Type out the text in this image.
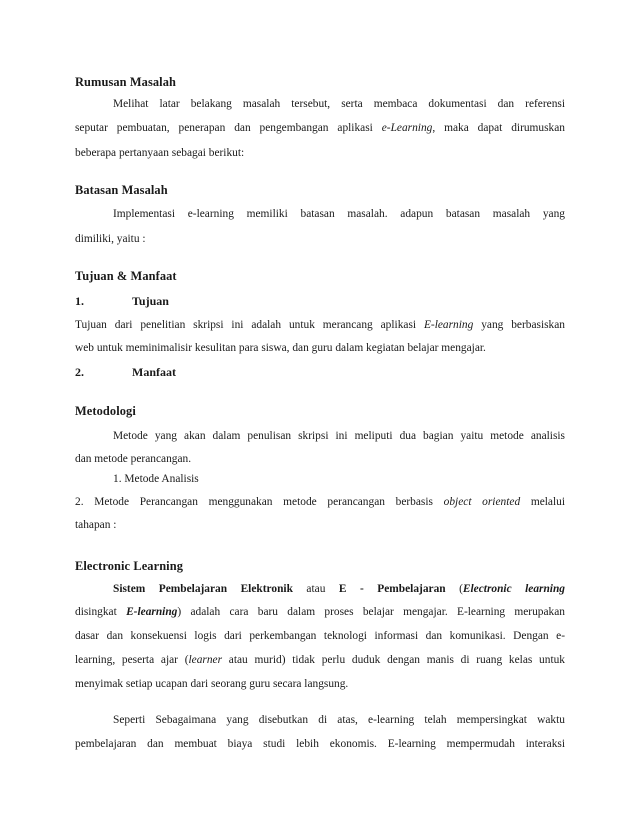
Rumusan Masalah
Melihat latar belakang masalah tersebut, serta membaca dokumentasi dan referensi
seputar pembuatan, penerapan dan pengembangan aplikasi e-Learning, maka dapat dirumuskan
beberapa pertanyaan sebagai berikut:
Batasan Masalah
Implementasi e-learning memiliki batasan masalah. adapun batasan masalah yang
dimiliki, yaitu :
Tujuan & Manfaat
1.	Tujuan
Tujuan dari penelitian skripsi ini adalah untuk merancang aplikasi E-learning yang berbasiskan
web untuk meminimalisir kesulitan para siswa, dan guru dalam kegiatan belajar mengajar.
2.	Manfaat
Metodologi
Metode yang akan dalam penulisan skripsi ini meliputi dua bagian yaitu metode analisis
dan metode perancangan.
1. Metode Analisis
2. Metode Perancangan menggunakan metode perancangan berbasis object oriented melalui
tahapan :
Electronic Learning
Sistem Pembelajaran Elektronik atau E - Pembelajaran (Electronic learning
disingkat E-learning) adalah cara baru dalam proses belajar mengajar. E-learning merupakan
dasar dan konsekuensi logis dari perkembangan teknologi informasi dan komunikasi. Dengan e-
learning, peserta ajar (learner atau murid) tidak perlu duduk dengan manis di ruang kelas untuk
menyimak setiap ucapan dari seorang guru secara langsung.
Seperti Sebagaimana yang disebutkan di atas, e-learning telah mempersingkat waktu
pembelajaran dan membuat biaya studi lebih ekonomis. E-learning mempermudah interaksi
